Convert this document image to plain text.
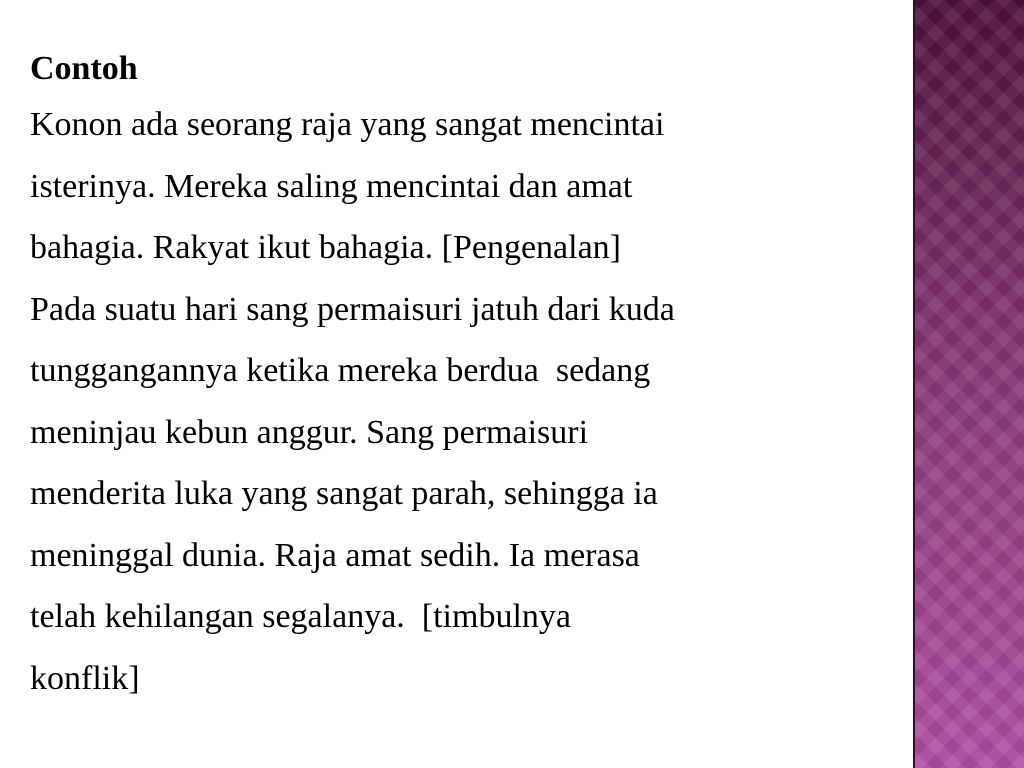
Contoh

Konon ada seorang raja yang sangat mencintai

isterinya. Mereka saling mencintai dan amat

bahagia. Rakyat ikut bahagia. [Pengenalan]

Pada suatu hari sang permaisuri jatuh dari kuda

tunggangannya ketika mereka berdua  sedang

meninjau kebun anggur. Sang permaisuri

menderita luka yang sangat parah, sehingga ia

meninggal dunia. Raja amat sedih. Ia merasa

telah kehilangan segalanya.  [timbulnya

konflik]
